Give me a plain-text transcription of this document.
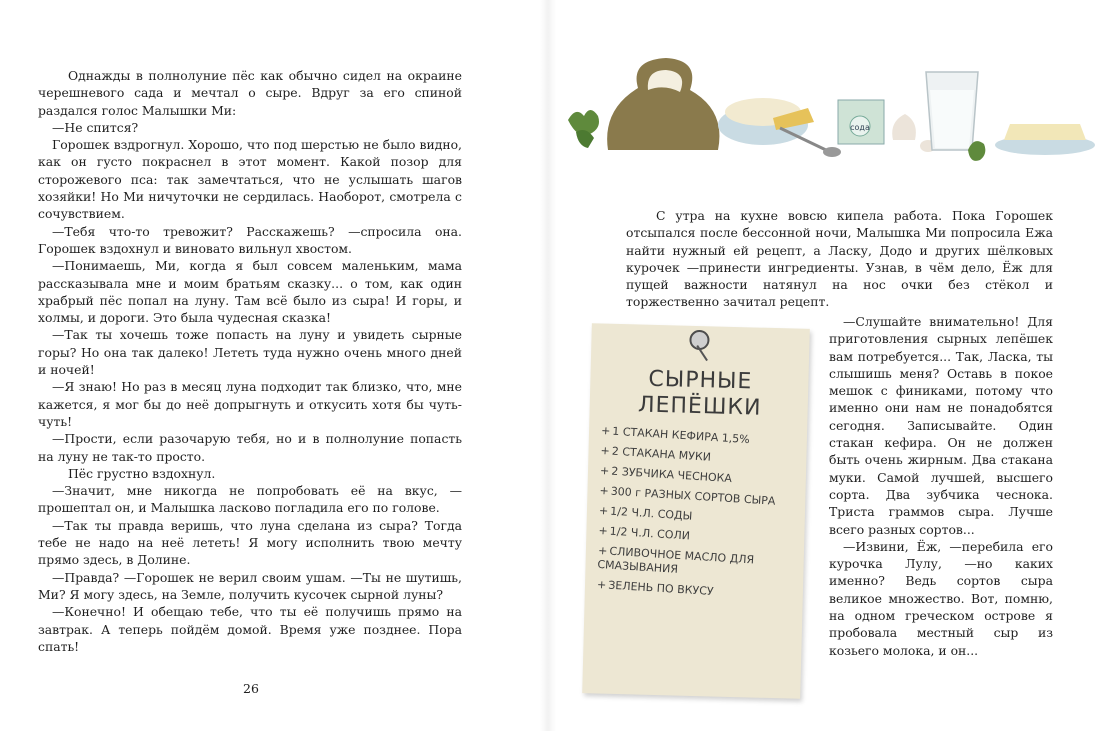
Однажды в полнолуние пёс как обычно сидел на окраине черешневого сада и мечтал о сыре. Вдруг за его спиной раздался голос Малышки Ми:

—Не спится?

Горошек вздрогнул. Хорошо, что под шерстью не было видно, как он густо покраснел в этот момент. Какой позор для сторожевого пса: так замечтаться, что не услышать шагов хозяйки! Но Ми ничуточки не сердилась. Наоборот, смотрела с сочувствием.

—Тебя что-то тревожит? Расскажешь? —спросила она. Горошек вздохнул и виновато вильнул хвостом.

—Понимаешь, Ми, когда я был совсем маленьким, мама рассказывала мне и моим братьям сказку... о том, как один храбрый пёс попал на луну. Там всё было из сыра! И горы, и холмы, и дороги. Это была чудесная сказка!

—Так ты хочешь тоже попасть на луну и увидеть сырные горы? Но она так далеко! Лететь туда нужно очень много дней и ночей!

—Я знаю! Но раз в месяц луна подходит так близко, что, мне кажется, я мог бы до неё допрыгнуть и откусить хотя бы чуть-чуть!

—Прости, если разочарую тебя, но и в полнолуние попасть на луну не так-то просто.

Пёс грустно вздохнул.

—Значит, мне никогда не попробовать её на вкус, —прошептал он, и Малышка ласково погладила его по голове.

—Так ты правда веришь, что луна сделана из сыра? Тогда тебе не надо на неё лететь! Я могу исполнить твою мечту прямо здесь, в Долине.

—Правда? —Горошек не верил своим ушам. —Ты не шутишь, Ми? Я могу здесь, на Земле, получить кусочек сырной луны?

—Конечно! И обещаю тебе, что ты её получишь прямо на завтрак. А теперь пойдём домой. Время уже позднее. Пора спать!

26
сода

С утра на кухне вовсю кипела работа. Пока Горошек отсыпался после бессонной ночи, Малышка Ми попросила Ежа найти нужный ей рецепт, а Ласку, Додо и других шёлковых курочек —принести ингредиенты. Узнав, в чём дело, Ёж для пущей важности натянул на нос очки без стёкол и торжественно зачитал рецепт.

—Слушайте внимательно! Для приготовления сырных лепёшек вам потребуется... Так, Ласка, ты слышишь меня? Оставь в покое мешок с финиками, потому что именно они нам не понадобятся сегодня. Записывайте. Один стакан кефира. Он не должен быть очень жирным. Два стакана муки. Самой лучшей, высшего сорта. Два зубчика чеснока. Триста граммов сыра. Лучше всего разных сортов...

—Извини, Ёж, —перебила его курочка Лулу, —но каких именно? Ведь сортов сыра великое множество. Вот, помню, на одном греческом острове я пробовала местный сыр из козьего молока, и он...

СЫРНЫЕ
ЛЕПЁШКИ
+1 СТАКАН КЕФИРА 1,5%
+2 СТАКАНА МУКИ
+2 ЗУБЧИКА ЧЕСНОКА
+300 г РАЗНЫХ СОРТОВ СЫРА
+1/2 Ч.Л. СОДЫ
+1/2 Ч.Л. СОЛИ
+СЛИВОЧНОЕ МАСЛО ДЛЯ СМАЗЫВАНИЯ
+ЗЕЛЕНЬ ПО ВКУСУ
